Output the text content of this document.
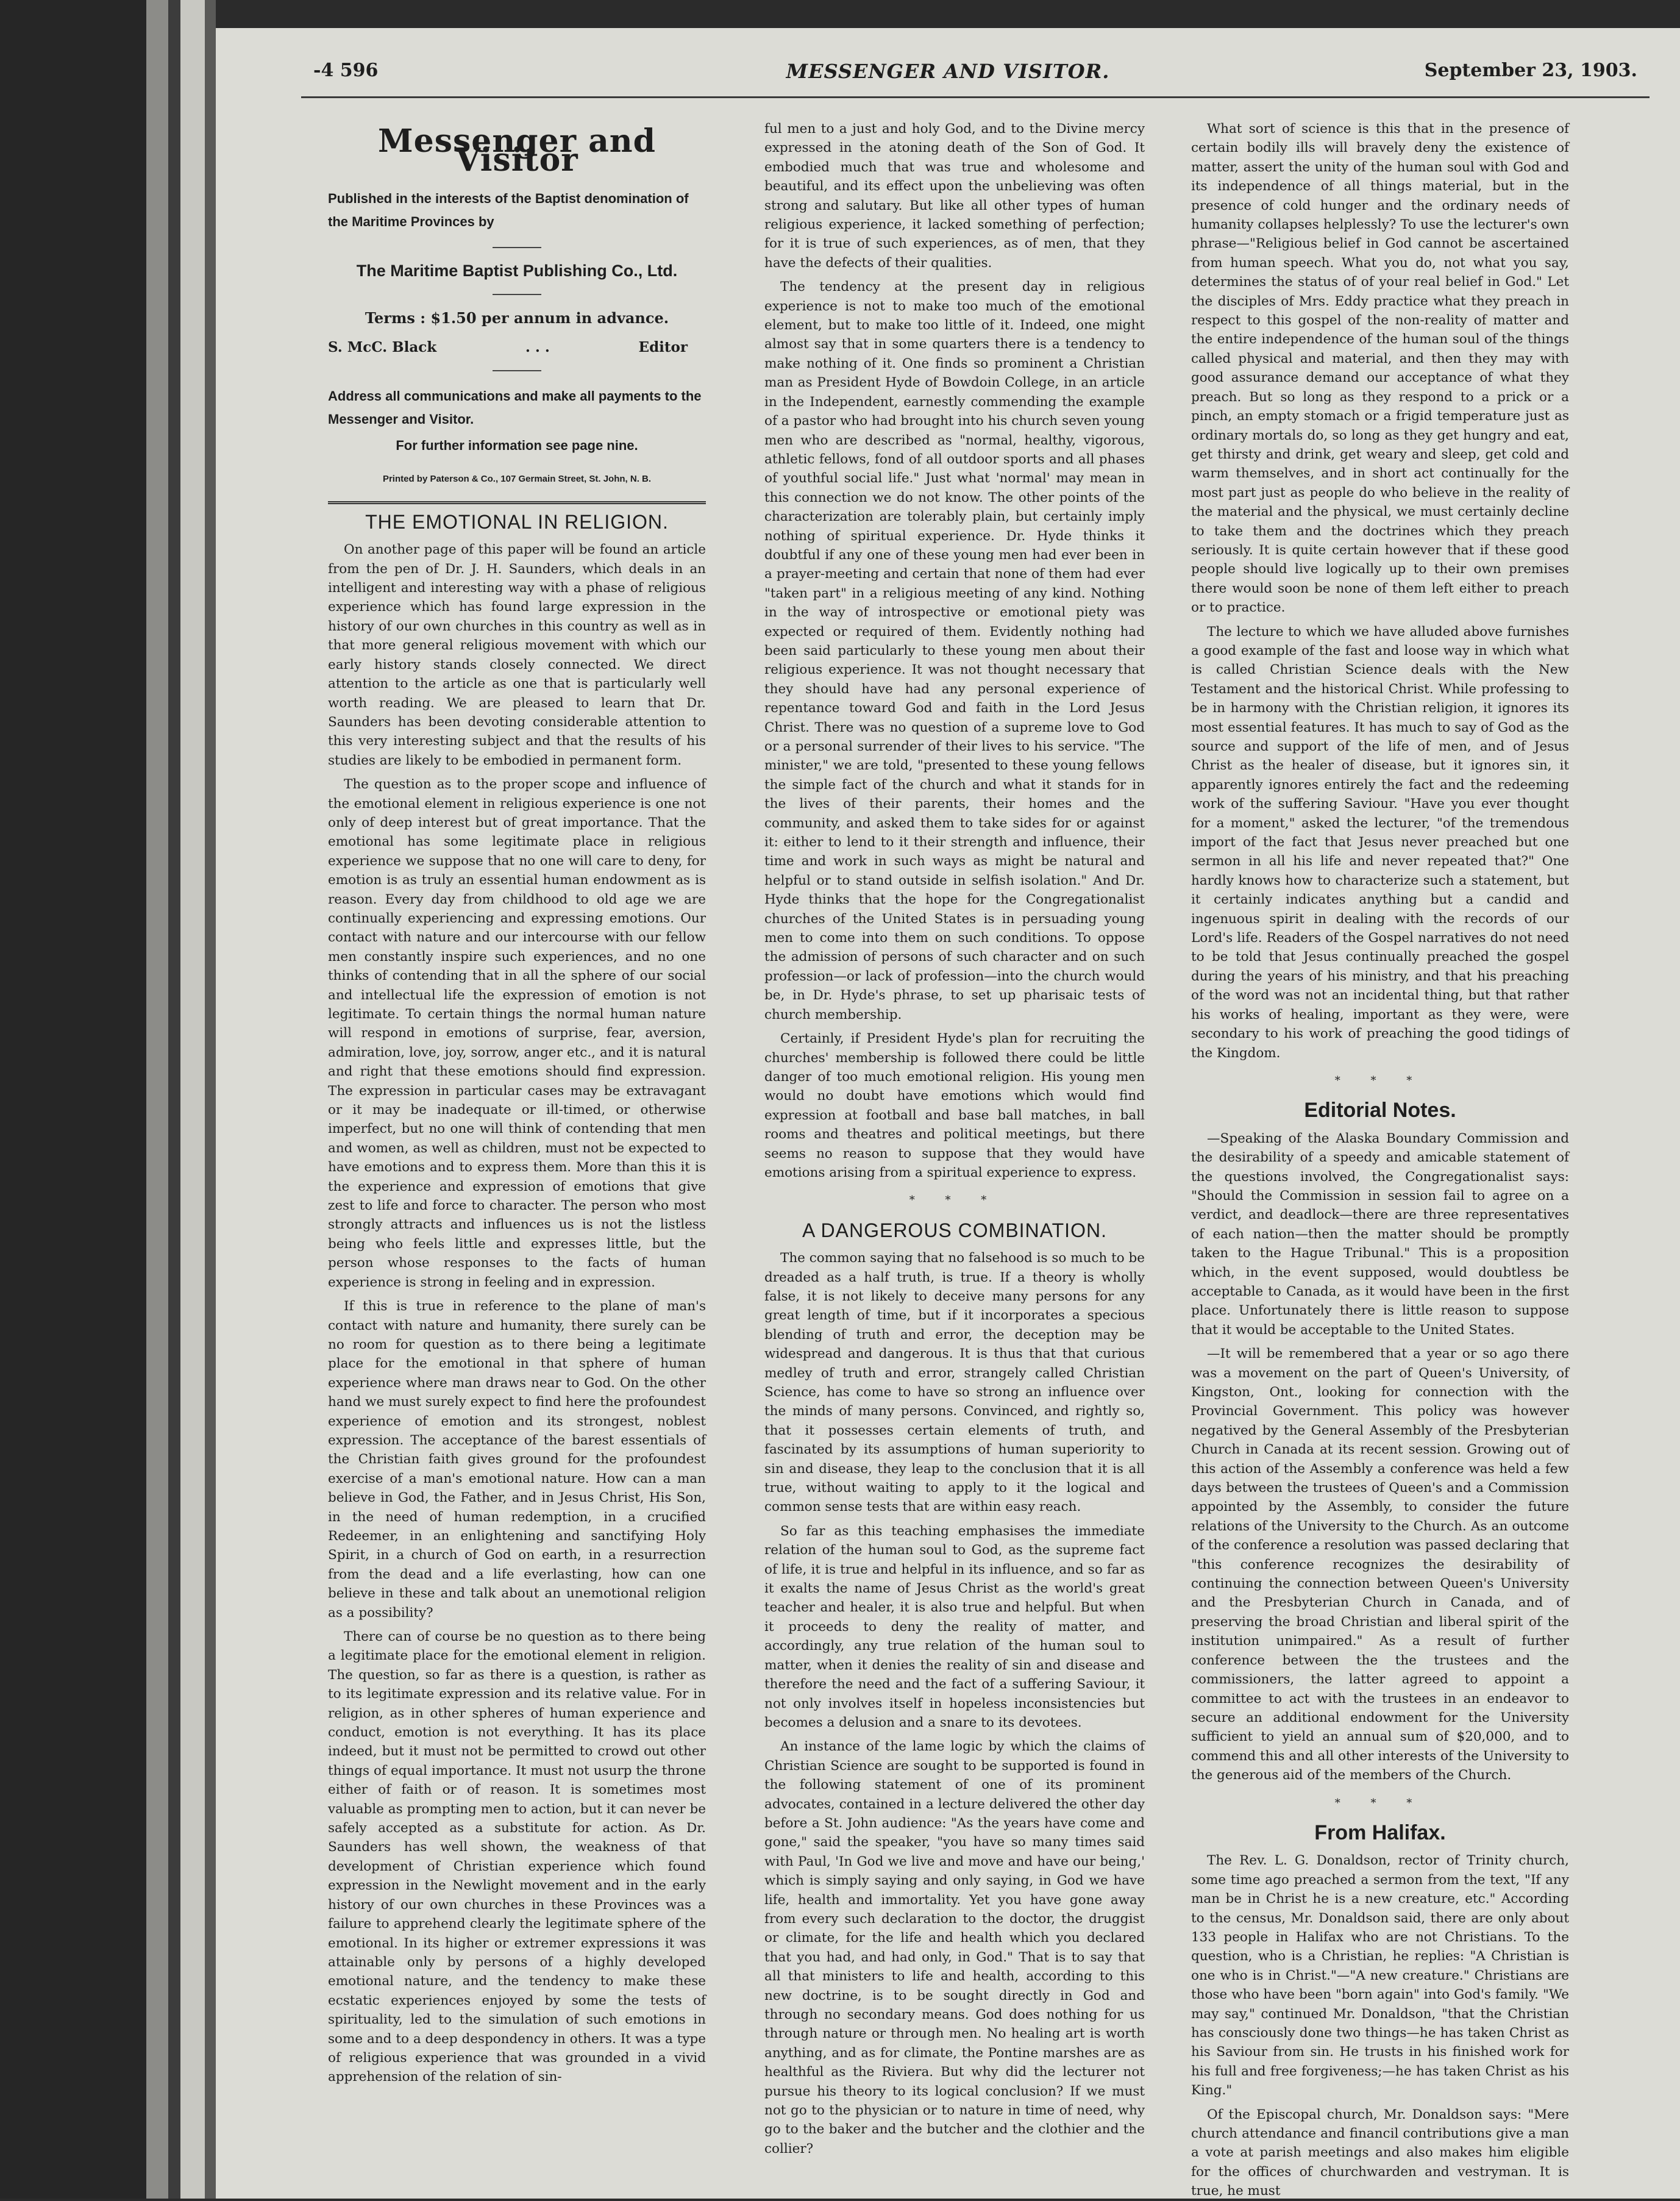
-4 596	MESSENGER AND VISITOR.	September 23, 1903.
Messenger and Visitor

Published in the interests of the Baptist denomination of the Maritime Provinces by

The Maritime Baptist Publishing Co., Ltd.
Terms : $1.50 per annum in advance.
S. McC. Black	. . .	Editor

Address all communications and make all payments to the Messenger and Visitor.

For further information see page nine.
Printed by Paterson & Co., 107 Germain Street, St. John, N. B.
THE EMOTIONAL IN RELIGION.

On another page of this paper will be found an article from the pen of Dr. J. H. Saunders, which deals in an intelligent and interesting way with a phase of religious experience which has found large expression in the history of our own churches in this country as well as in that more general religious movement with which our early history stands closely connected. We direct attention to the article as one that is particularly well worth reading. We are pleased to learn that Dr. Saunders has been devoting considerable attention to this very interesting subject and that the results of his studies are likely to be embodied in permanent form.

The question as to the proper scope and influence of the emotional element in religious experience is one not only of deep interest but of great importance. That the emotional has some legitimate place in religious experience we suppose that no one will care to deny, for emotion is as truly an essential human endowment as is reason. Every day from childhood to old age we are continually experiencing and expressing emotions. Our contact with nature and our intercourse with our fellow men constantly inspire such experiences, and no one thinks of contending that in all the sphere of our social and intellectual life the expression of emotion is not legitimate. To certain things the normal human nature will respond in emotions of surprise, fear, aversion, admiration, love, joy, sorrow, anger etc., and it is natural and right that these emotions should find expression. The expression in particular cases may be extravagant or it may be inadequate or ill-timed, or otherwise imperfect, but no one will think of contending that men and women, as well as children, must not be expected to have emotions and to express them. More than this it is the experience and expression of emotions that give zest to life and force to character. The person who most strongly attracts and influences us is not the listless being who feels little and expresses little, but the person whose responses to the facts of human experience is strong in feeling and in expression.

If this is true in reference to the plane of man's contact with nature and humanity, there surely can be no room for question as to there being a legitimate place for the emotional in that sphere of human experience where man draws near to God. On the other hand we must surely expect to find here the profoundest experience of emotion and its strongest, noblest expression. The acceptance of the barest essentials of the Christian faith gives ground for the profoundest exercise of a man's emotional nature. How can a man believe in God, the Father, and in Jesus Christ, His Son, in the need of human redemption, in a crucified Redeemer, in an enlightening and sanctifying Holy Spirit, in a church of God on earth, in a resurrection from the dead and a life everlasting, how can one believe in these and talk about an unemotional religion as a possibility?

There can of course be no question as to there being a legitimate place for the emotional element in religion. The question, so far as there is a question, is rather as to its legitimate expression and its relative value. For in religion, as in other spheres of human experience and conduct, emotion is not everything. It has its place indeed, but it must not be permitted to crowd out other things of equal importance. It must not usurp the throne either of faith or of reason. It is sometimes most valuable as prompting men to action, but it can never be safely accepted as a substitute for action. As Dr. Saunders has well shown, the weakness of that development of Christian experience which found expression in the Newlight movement and in the early history of our own churches in these Provinces was a failure to apprehend clearly the legitimate sphere of the emotional. In its higher or extremer expressions it was attainable only by persons of a highly developed emotional nature, and the tendency to make these ecstatic experiences enjoyed by some the tests of spirituality, led to the simulation of such emotions in some and to a deep despondency in others. It was a type of religious experience that was grounded in a vivid apprehension of the relation of sin-

ful men to a just and holy God, and to the Divine mercy expressed in the atoning death of the Son of God. It embodied much that was true and wholesome and beautiful, and its effect upon the unbelieving was often strong and salutary. But like all other types of human religious experience, it lacked something of perfection; for it is true of such experiences, as of men, that they have the defects of their qualities.

The tendency at the present day in religious experience is not to make too much of the emotional element, but to make too little of it. Indeed, one might almost say that in some quarters there is a tendency to make nothing of it. One finds so prominent a Christian man as President Hyde of Bowdoin College, in an article in the Independent, earnestly commending the example of a pastor who had brought into his church seven young men who are described as "normal, healthy, vigorous, athletic fellows, fond of all outdoor sports and all phases of youthful social life." Just what 'normal' may mean in this connection we do not know. The other points of the characterization are tolerably plain, but certainly imply nothing of spiritual experience. Dr. Hyde thinks it doubtful if any one of these young men had ever been in a prayer-meeting and certain that none of them had ever "taken part" in a religious meeting of any kind. Nothing in the way of introspective or emotional piety was expected or required of them. Evidently nothing had been said particularly to these young men about their religious experience. It was not thought necessary that they should have had any personal experience of repentance toward God and faith in the Lord Jesus Christ. There was no question of a supreme love to God or a personal surrender of their lives to his service. "The minister," we are told, "presented to these young fellows the simple fact of the church and what it stands for in the lives of their parents, their homes and the community, and asked them to take sides for or against it: either to lend to it their strength and influence, their time and work in such ways as might be natural and helpful or to stand outside in selfish isolation." And Dr. Hyde thinks that the hope for the Congregationalist churches of the United States is in persuading young men to come into them on such conditions. To oppose the admission of persons of such character and on such profession—or lack of profession—into the church would be, in Dr. Hyde's phrase, to set up pharisaic tests of church membership.

Certainly, if President Hyde's plan for recruiting the churches' membership is followed there could be little danger of too much emotional religion. His young men would no doubt have emotions which would find expression at football and base ball matches, in ball rooms and theatres and political meetings, but there seems no reason to suppose that they would have emotions arising from a spiritual experience to express.

* * *
A DANGEROUS COMBINATION.

The common saying that no falsehood is so much to be dreaded as a half truth, is true. If a theory is wholly false, it is not likely to deceive many persons for any great length of time, but if it incorporates a specious blending of truth and error, the deception may be widespread and dangerous. It is thus that that curious medley of truth and error, strangely called Christian Science, has come to have so strong an influence over the minds of many persons. Convinced, and rightly so, that it possesses certain elements of truth, and fascinated by its assumptions of human superiority to sin and disease, they leap to the conclusion that it is all true, without waiting to apply to it the logical and common sense tests that are within easy reach.

So far as this teaching emphasises the immediate relation of the human soul to God, as the supreme fact of life, it is true and helpful in its influence, and so far as it exalts the name of Jesus Christ as the world's great teacher and healer, it is also true and helpful. But when it proceeds to deny the reality of matter, and accordingly, any true relation of the human soul to matter, when it denies the reality of sin and disease and therefore the need and the fact of a suffering Saviour, it not only involves itself in hopeless inconsistencies but becomes a delusion and a snare to its devotees.

An instance of the lame logic by which the claims of Christian Science are sought to be supported is found in the following statement of one of its prominent advocates, contained in a lecture delivered the other day before a St. John audience: "As the years have come and gone," said the speaker, "you have so many times said with Paul, 'In God we live and move and have our being,' which is simply saying and only saying, in God we have life, health and immortality. Yet you have gone away from every such declaration to the doctor, the druggist or climate, for the life and health which you declared that you had, and had only, in God." That is to say that all that ministers to life and health, according to this new doctrine, is to be sought directly in God and through no secondary means. God does nothing for us through nature or through men. No healing art is worth anything, and as for climate, the Pontine marshes are as healthful as the Riviera. But why did the lecturer not pursue his theory to its logical conclusion? If we must not go to the physician or to nature in time of need, why go to the baker and the butcher and the clothier and the collier?

What sort of science is this that in the presence of certain bodily ills will bravely deny the existence of matter, assert the unity of the human soul with God and its independence of all things material, but in the presence of cold hunger and the ordinary needs of humanity collapses helplessly? To use the lecturer's own phrase—"Religious belief in God cannot be ascertained from human speech. What you do, not what you say, determines the status of of your real belief in God." Let the disciples of Mrs. Eddy practice what they preach in respect to this gospel of the non-reality of matter and the entire independence of the human soul of the things called physical and material, and then they may with good assurance demand our acceptance of what they preach. But so long as they respond to a prick or a pinch, an empty stomach or a frigid temperature just as ordinary mortals do, so long as they get hungry and eat, get thirsty and drink, get weary and sleep, get cold and warm themselves, and in short act continually for the most part just as people do who believe in the reality of the material and the physical, we must certainly decline to take them and the doctrines which they preach seriously. It is quite certain however that if these good people should live logically up to their own premises there would soon be none of them left either to preach or to practice.

The lecture to which we have alluded above furnishes a good example of the fast and loose way in which what is called Christian Science deals with the New Testament and the historical Christ. While professing to be in harmony with the Christian religion, it ignores its most essential features. It has much to say of God as the source and support of the life of men, and of Jesus Christ as the healer of disease, but it ignores sin, it apparently ignores entirely the fact and the redeeming work of the suffering Saviour. "Have you ever thought for a moment," asked the lecturer, "of the tremendous import of the fact that Jesus never preached but one sermon in all his life and never repeated that?" One hardly knows how to characterize such a statement, but it certainly indicates anything but a candid and ingenuous spirit in dealing with the records of our Lord's life. Readers of the Gospel narratives do not need to be told that Jesus continually preached the gospel during the years of his ministry, and that his preaching of the word was not an incidental thing, but that rather his works of healing, important as they were, were secondary to his work of preaching the good tidings of the Kingdom.

* * *
Editorial Notes.

—Speaking of the Alaska Boundary Commission and the desirability of a speedy and amicable statement of the questions involved, the Congregationalist says: "Should the Commission in session fail to agree on a verdict, and deadlock—there are three representatives of each nation—then the matter should be promptly taken to the Hague Tribunal." This is a proposition which, in the event supposed, would doubtless be acceptable to Canada, as it would have been in the first place. Unfortunately there is little reason to suppose that it would be acceptable to the United States.

—It will be remembered that a year or so ago there was a movement on the part of Queen's University, of Kingston, Ont., looking for connection with the Provincial Government. This policy was however negatived by the General Assembly of the Presbyterian Church in Canada at its recent session. Growing out of this action of the Assembly a conference was held a few days between the trustees of Queen's and a Commission appointed by the Assembly, to consider the future relations of the University to the Church. As an outcome of the conference a resolution was passed declaring that "this conference recognizes the desirability of continuing the connection between Queen's University and the Presbyterian Church in Canada, and of preserving the broad Christian and liberal spirit of the institution unimpaired." As a result of further conference between the the trustees and the commissioners, the latter agreed to appoint a committee to act with the trustees in an endeavor to secure an additional endowment for the University sufficient to yield an annual sum of $20,000, and to commend this and all other interests of the University to the generous aid of the members of the Church.

* * *
From Halifax.

The Rev. L. G. Donaldson, rector of Trinity church, some time ago preached a sermon from the text, "If any man be in Christ he is a new creature, etc." According to the census, Mr. Donaldson said, there are only about 133 people in Halifax who are not Christians. To the question, who is a Christian, he replies: "A Christian is one who is in Christ."—"A new creature." Christians are those who have been "born again" into God's family. "We may say," continued Mr. Donaldson, "that the Christian has consciously done two things—he has taken Christ as his Saviour from sin. He trusts in his finished work for his full and free forgiveness;—he has taken Christ as his King."

Of the Episcopal church, Mr. Donaldson says: "Mere church attendance and financil contributions give a man a vote at parish meetings and also makes him eligible for the offices of churchwarden and vestryman. It is true, he must
